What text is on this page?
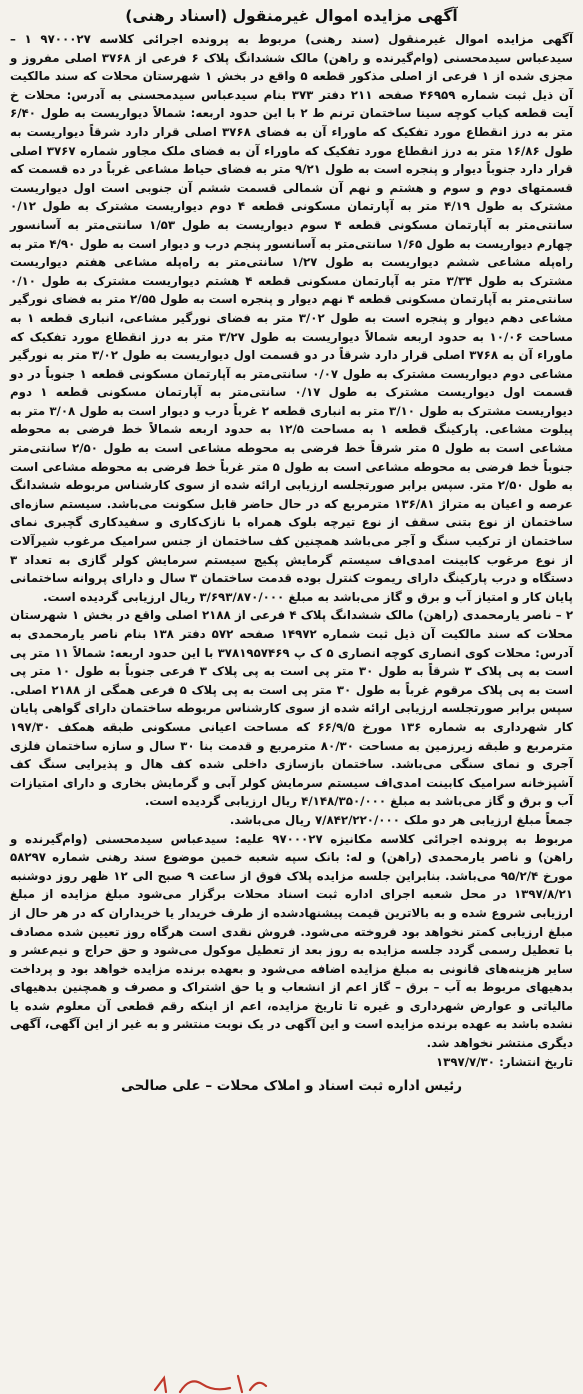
آگهی مزایده اموال غیرمنقول (اسناد رهنی)

آگهی مزایده اموال غیرمنقول (سند رهنی) مربوط به پرونده اجرائی کلاسه ۹۷۰۰۰۲۷ ۱ – سیدعباس سیدمحسنی (وام‌گیرنده و راهن) مالک ششدانگ پلاک ۶ فرعی از ۳۷۶۸ اصلی مفروز و مجزی شده از ۱ فرعی از اصلی مذکور قطعه ۵ واقع در بخش ۱ شهرستان محلات که سند مالکیت آن ذیل ثبت شماره ۴۶۹۵۹ صفحه ۲۱۱ دفتر ۳۷۳ بنام سیدعباس سیدمحسنی به آدرس: محلات خ آیت قطعه کیاب کوچه سینا ساختمان ترنم ط ۲ با این حدود اربعه: شمالاً دیواریست به طول ۶/۴۰ متر به درز انقطاع مورد تفکیک که ماوراء آن به فضای ۳۷۶۸ اصلی قرار دارد شرقاً دیواریست به طول ۱۶/۸۶ متر به درز انقطاع مورد تفکیک که ماوراء آن به فضای ملک مجاور شماره ۳۷۶۷ اصلی قرار دارد جنوباً دیوار و پنجره است به طول ۹/۲۱ متر به فضای حیاط مشاعی غرباً در ده قسمت که قسمتهای دوم و سوم و هشتم و نهم آن شمالی قسمت ششم آن جنوبی است اول دیواریست مشترک به طول ۴/۱۹ متر به آپارتمان مسکونی قطعه ۴ دوم دیواریست مشترک به طول ۰/۱۲ سانتی‌متر به آپارتمان مسکونی قطعه ۴ سوم دیواریست به طول ۱/۵۳ سانتی‌متر به آسانسور چهارم دیواریست به طول ۱/۶۵ سانتی‌متر به آسانسور پنجم درب و دیوار است به طول ۴/۹۰ متر به راه‌پله مشاعی ششم دیواریست به طول ۱/۲۷ سانتی‌متر به راه‌پله مشاعی هفتم دیواریست مشترک به طول ۳/۳۴ متر به آپارتمان مسکونی قطعه ۴ هشتم دیواریست مشترک به طول ۰/۱۰ سانتی‌متر به آپارتمان مسکونی قطعه ۴ نهم دیوار و پنجره است به طول ۲/۵۵ متر به فضای نورگیر مشاعی دهم دیوار و پنجره است به طول ۳/۰۲ متر به فضای نورگیر مشاعی، انباری قطعه ۱ به مساحت ۱۰/۰۶ به حدود اربعه شمالاً دیواریست به طول ۳/۲۷ متر به درز انقطاع مورد تفکیک که ماوراء آن به ۳۷۶۸ اصلی قرار دارد شرقاً در دو قسمت اول دیواریست به طول ۳/۰۲ متر به نورگیر مشاعی دوم دیواریست مشترک به طول ۰/۰۷ سانتی‌متر به آپارتمان مسکونی قطعه ۱ جنوباً در دو قسمت اول دیواریست مشترک به طول ۰/۱۷ سانتی‌متر به آپارتمان مسکونی قطعه ۱ دوم دیواریست مشترک به طول ۳/۱۰ متر به انباری قطعه ۲ غرباً درب و دیوار است به طول ۳/۰۸ متر به پیلوت مشاعی. پارکینگ قطعه ۱ به مساحت ۱۲/۵ به حدود اربعه شمالاً خط فرضی به محوطه مشاعی است به طول ۵ متر شرقاً خط فرضی به محوطه مشاعی است به طول ۲/۵۰ سانتی‌متر جنوباً خط فرضی به محوطه مشاعی است به طول ۵ متر غرباً خط فرضی به محوطه مشاعی است به طول ۲/۵۰ متر. سپس برابر صورتجلسه ارزیابی ارائه شده از سوی کارشناس مربوطه ششدانگ عرصه و اعیان به متراژ ۱۳۶/۸۱ مترمربع که در حال حاضر قابل سکونت می‌باشد. سیستم سازه‌ای ساختمان از نوع بتنی سقف از نوع تیرچه بلوک همراه با نازک‌کاری و سفیدکاری گچبری نمای ساختمان از ترکیب سنگ و آجر می‌باشد همچنین کف ساختمان از جنس سرامیک مرغوب شیرآلات از نوع مرغوب کابینت امدی‌اف سیستم گرمایش پکیج سیستم سرمایش کولر گازی به تعداد ۳ دستگاه و درب پارکینگ دارای ریموت کنترل بوده قدمت ساختمان ۳ سال و دارای پروانه ساختمانی پایان کار و امتیاز آب و برق و گاز می‌باشد به مبلغ ۳/۶۹۳/۸۷۰/۰۰۰ ریال ارزیابی گردیده است.

۲ – ناصر یارمحمدی (راهن) مالک ششدانگ پلاک ۴ فرعی از ۲۱۸۸ اصلی واقع در بخش ۱ شهرستان محلات که سند مالکیت آن ذیل ثبت شماره ۱۴۹۷۲ صفحه ۵۷۲ دفتر ۱۳۸ بنام ناصر یارمحمدی به آدرس: محلات کوی انصاری کوچه انصاری ۵ ک پ ۳۷۸۱۹۵۷۴۶۹ با این حدود اربعه: شمالاً ۱۱ متر پی است به پی پلاک ۳ شرقاً به طول ۳۰ متر پی است به پی پلاک ۳ فرعی جنوباً به طول ۱۰ متر پی است به پی پلاک مرقوم غرباً به طول ۳۰ متر پی است به پی پلاک ۵ فرعی همگی از ۲۱۸۸ اصلی. سپس برابر صورتجلسه ارزیابی ارائه شده از سوی کارشناس مربوطه ساختمان دارای گواهی پایان کار شهرداری به شماره ۱۳۶ مورخ ۶۶/۹/۵ که مساحت اعیانی مسکونی طبقه همکف ۱۹۷/۳۰ مترمربع و طبقه زیرزمین به مساحت ۸۰/۳۰ مترمربع و قدمت بنا ۳۰ سال و سازه ساختمان فلزی آجری و نمای سنگی می‌باشد. ساختمان بازسازی داخلی شده کف هال و پذیرایی سنگ کف آشپزخانه سرامیک کابینت امدی‌اف سیستم سرمایش کولر آبی و گرمایش بخاری و دارای امتیازات آب و برق و گاز می‌باشد به مبلغ ۴/۱۴۸/۳۵۰/۰۰۰ ریال ارزیابی گردیده است.

جمعاً مبلغ ارزیابی هر دو ملک ۷/۸۴۲/۲۲۰/۰۰۰ ریال می‌باشد.

مربوط به پرونده اجرائی کلاسه مکانیزه ۹۷۰۰۰۲۷ علیه: سیدعباس سیدمحسنی (وام‌گیرنده و راهن) و ناصر یارمحمدی (راهن) و له: بانک سپه شعبه خمین موضوع سند رهنی شماره ۵۸۲۹۷ مورخ ۹۵/۲/۴ می‌باشد. بنابراین جلسه مزایده پلاک فوق از ساعت ۹ صبح الی ۱۲ ظهر روز دوشنبه ۱۳۹۷/۸/۲۱ در محل شعبه اجرای اداره ثبت اسناد محلات برگزار می‌شود مبلغ مزایده از مبلغ ارزیابی شروع شده و به بالاترین قیمت پیشنهادشده از طرف خریدار یا خریداران که در هر حال از مبلغ ارزیابی کمتر نخواهد بود فروخته می‌شود. فروش نقدی است هرگاه روز تعیین شده مصادف با تعطیل رسمی گردد جلسه مزایده به روز بعد از تعطیل موکول می‌شود و حق حراج و نیم‌عشر و سایر هزینه‌های قانونی به مبلغ مزایده اضافه می‌شود و بعهده برنده مزایده خواهد بود و پرداخت بدهیهای مربوط به آب – برق – گاز اعم از انشعاب و یا حق اشتراک و مصرف و همچنین بدهیهای مالیاتی و عوارض شهرداری و غیره تا تاریخ مزایده، اعم از اینکه رقم قطعی آن معلوم شده یا نشده باشد به عهده برنده مزایده است و این آگهی در یک نوبت منتشر و به غیر از این آگهی، آگهی دیگری منتشر نخواهد شد.

تاریخ انتشار: ۱۳۹۷/۷/۳۰

رئیس اداره ثبت اسناد و املاک محلات – علی صالحی
